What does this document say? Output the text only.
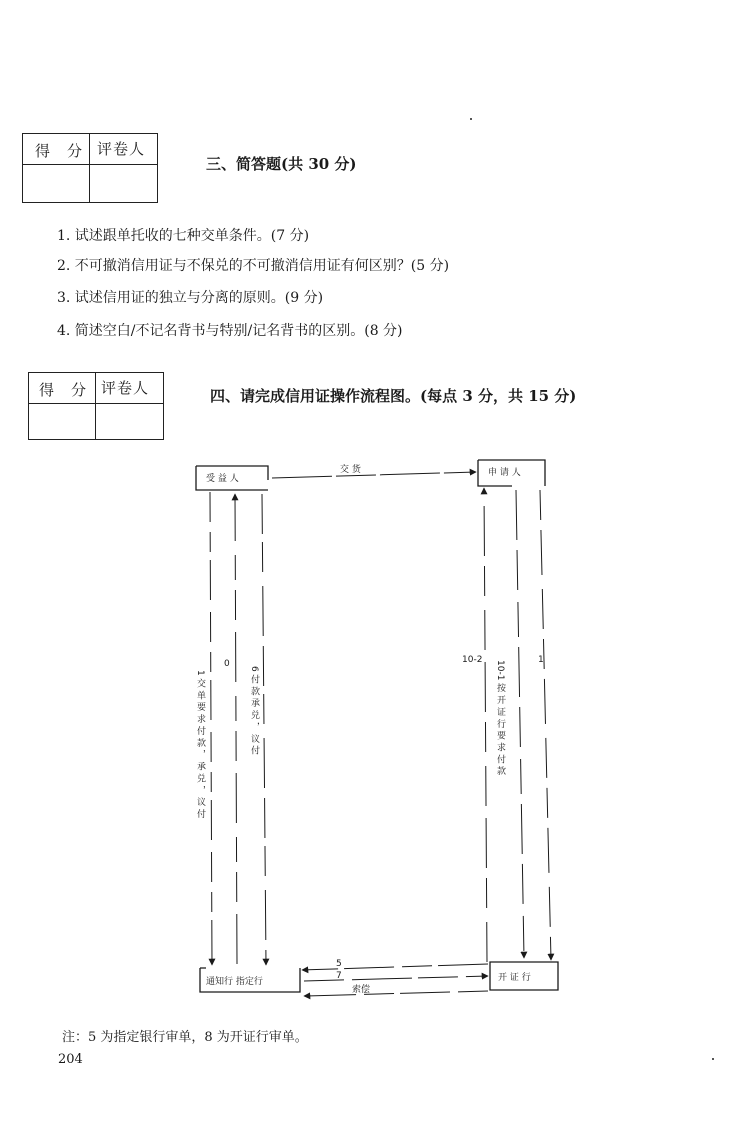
得　分 评卷人
三、简答题(共 30 分)
1. 试述跟单托收的七种交单条件。(7 分)
2. 不可撤消信用证与不保兑的不可撤消信用证有何区别？(5 分)
3. 试述信用证的独立与分离的原则。(9 分)
4. 简述空白/不记名背书与特别/记名背书的区别。(8 分)
得　分 评卷人	四、请完成信用证操作流程图。(每点 3 分，共 15 分)
受 益 人
申 请 人
通知行 指定行	开 证 行
交 货
1 交 单 要 求 付 款 ， 承 兑 ， 议 付
0
6 付 款 承 兑 ， 议 付
10-2 10-1 按 开 证 行 要 求 付 款	1
5
7
索偿
注：5 为指定银行审单，8 为开证行审单。
204
